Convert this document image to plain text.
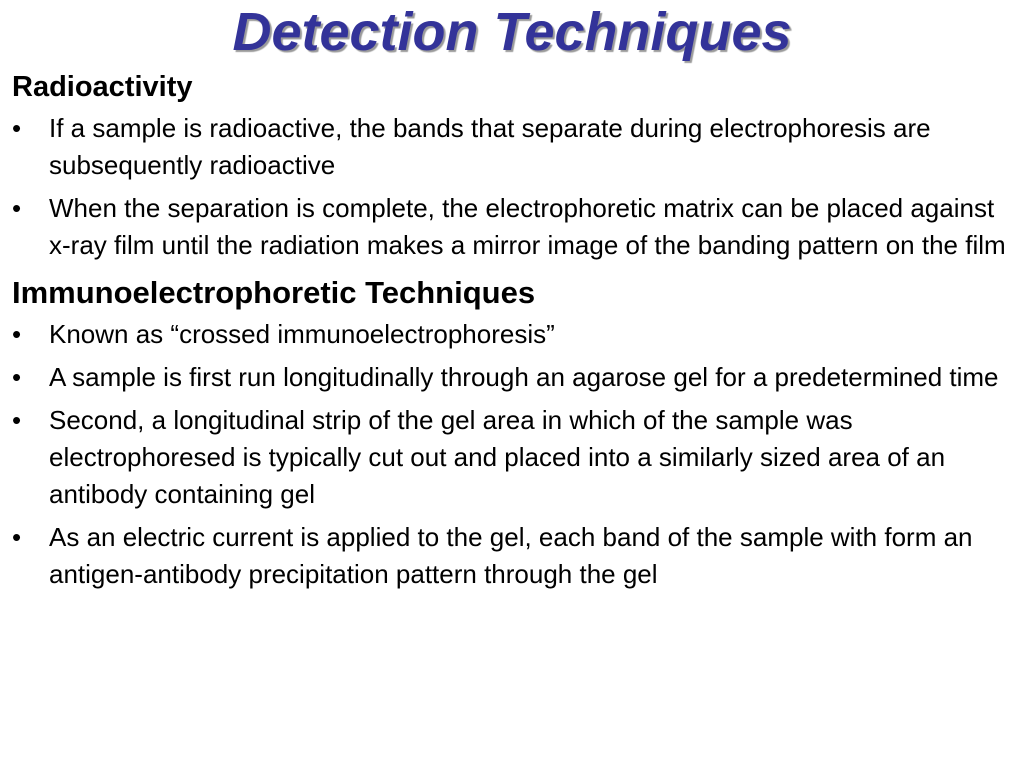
Detection Techniques
Radioactivity
• If a sample is radioactive, the bands that separate during electrophoresis are subsequently radioactive
• When the separation is complete, the electrophoretic matrix can be placed against x-ray film until the radiation makes a mirror image of the banding pattern on the film
Immunoelectrophoretic Techniques
• Known as “crossed immunoelectrophoresis”
• A sample is first run longitudinally through an agarose gel for a predetermined time
• Second, a longitudinal strip of the gel area in which of the sample was electrophoresed is typically cut out and placed into a similarly sized area of an antibody containing gel
• As an electric current is applied to the gel, each band of the sample with form an antigen-antibody precipitation pattern through the gel
